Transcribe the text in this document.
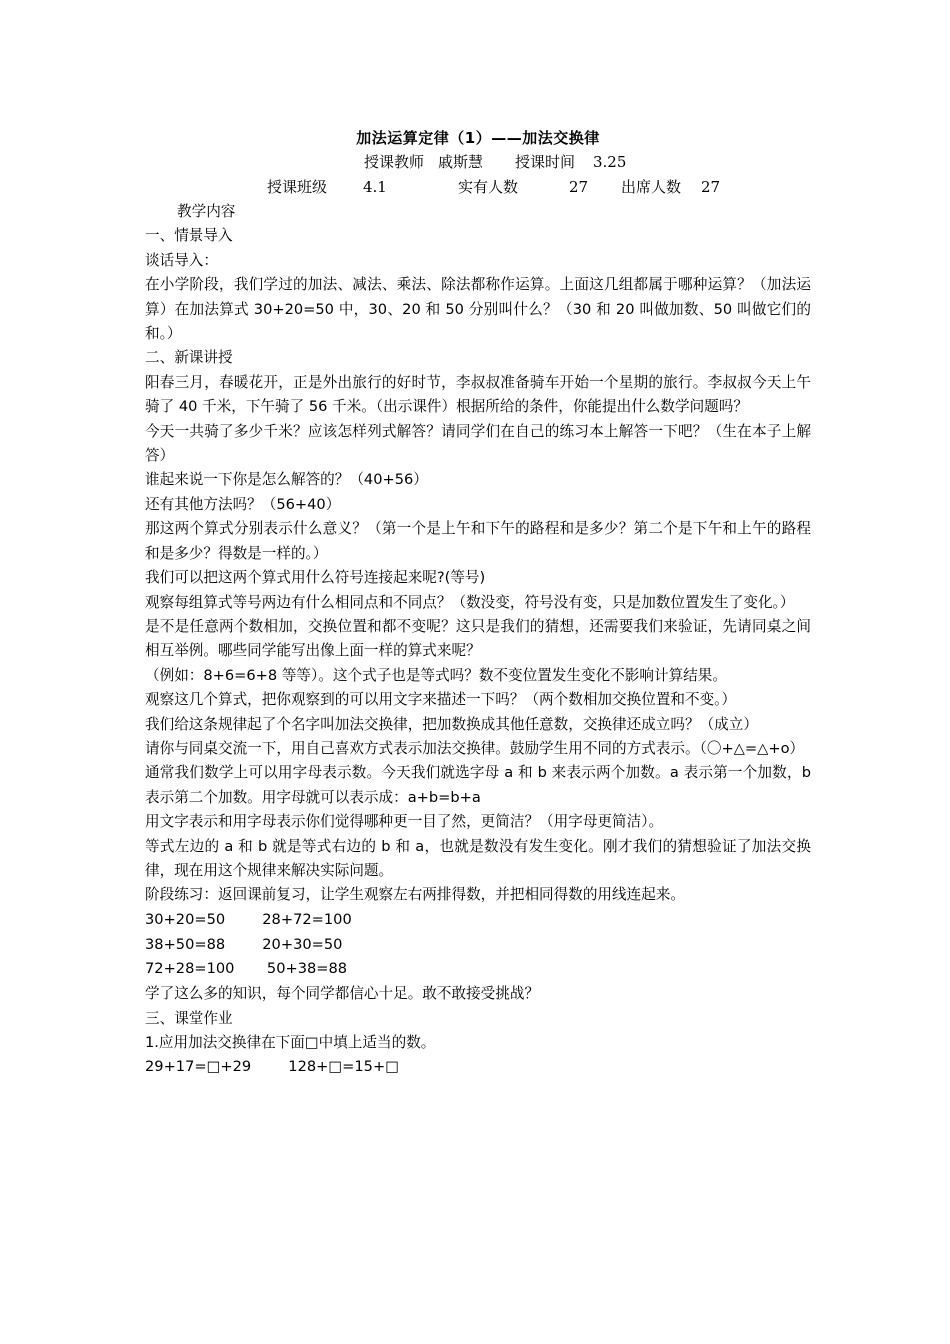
加法运算定律（1）——加法交换律
授课教师 戚斯慧 授课时间 3.25
授课班级 4.1	实有人数	27 出席人数 27
教学内容
一、情景导入
谈话导入：
在小学阶段，我们学过的加法、减法、乘法、除法都称作运算。上面这几组都属于哪种运算？（加法运算）在加法算式 30+20=50 中，30、20 和 50 分别叫什么？（30 和 20 叫做加数、50 叫做它们的和。）
二、新课讲授
阳春三月，春暖花开，正是外出旅行的好时节，李叔叔准备骑车开始一个星期的旅行。李叔叔今天上午骑了 40 千米，下午骑了 56 千米。（出示课件）根据所给的条件，你能提出什么数学问题吗？
今天一共骑了多少千米？应该怎样列式解答？请同学们在自己的练习本上解答一下吧？（生在本子上解答）
谁起来说一下你是怎么解答的？（40+56）
还有其他方法吗？（56+40）
那这两个算式分别表示什么意义？（第一个是上午和下午的路程和是多少？第二个是下午和上午的路程和是多少？得数是一样的。）
我们可以把这两个算式用什么符号连接起来呢?(等号)
观察每组算式等号两边有什么相同点和不同点？（数没变，符号没有变，只是加数位置发生了变化。）
是不是任意两个数相加，交换位置和都不变呢？这只是我们的猜想，还需要我们来验证，先请同桌之间相互举例。哪些同学能写出像上面一样的算式来呢？
（例如：8+6=6+8 等等）。这个式子也是等式吗？数不变位置发生变化不影响计算结果。
观察这几个算式，把你观察到的可以用文字来描述一下吗？（两个数相加交换位置和不变。）
我们给这条规律起了个名字叫加法交换律，把加数换成其他任意数，交换律还成立吗？（成立）
请你与同桌交流一下，用自己喜欢方式表示加法交换律。鼓励学生用不同的方式表示。（〇+△=△+o）
通常我们数学上可以用字母表示数。今天我们就选字母 a 和 b 来表示两个加数。a 表示第一个加数，b 表示第二个加数。用字母就可以表示成：a+b=b+a
用文字表示和用字母表示你们觉得哪种更一目了然，更简洁？（用字母更简洁）。
等式左边的 a 和 b 就是等式右边的 b 和 a，也就是数没有发生变化。刚才我们的猜想验证了加法交换律，现在用这个规律来解决实际问题。
阶段练习：返回课前复习，让学生观察左右两排得数，并把相同得数的用线连起来。
30+20=50        28+72=100
38+50=88        20+30=50
72+28=100       50+38=88
学了这么多的知识，每个同学都信心十足。敢不敢接受挑战？
三、课堂作业
1.应用加法交换律在下面□中填上适当的数。
29+17=□+29        128+□=15+□
